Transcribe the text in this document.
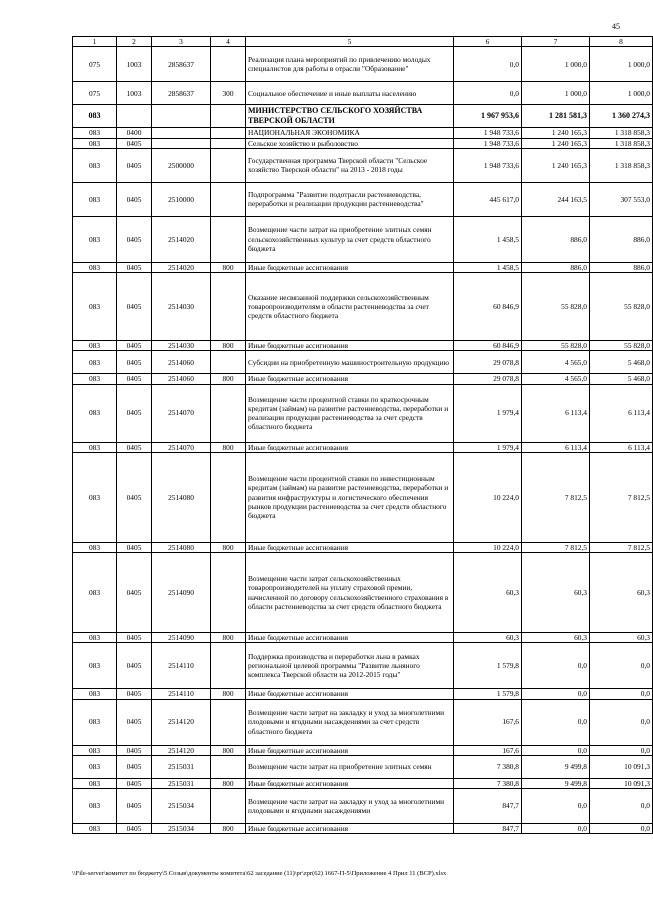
45
1	2	3	4	5	6	7	8
075	1003	2858637		Реализация плана мероприятий по привлечению молодых специалистов для работы в отрасли "Образование"	0,0	1 000,0	1 000,0
075	1003	2858637	300	Социальное обеспечение и иные выплаты населению	0,0	1 000,0	1 000,0
083				МИНИСТЕРСТВО СЕЛЬСКОГО ХОЗЯЙСТВА ТВЕРСКОЙ ОБЛАСТИ	1 967 953,6	1 281 581,3	1 360 274,3
083	0400			НАЦИОНАЛЬНАЯ ЭКОНОМИКА	1 948 733,6	1 240 165,3	1 318 858,3
083	0405			Сельское хозяйство и рыболовство	1 948 733,6	1 240 165,3	1 318 858,3
083	0405	2500000		Государственная программа Тверской области "Сельское хозяйство Тверской области" на 2013 - 2018 годы	1 948 733,6	1 240 165,3	1 318 858,3
083	0405	2510000		Подпрограмма "Развитие подотрасли растениеводства, переработки и реализации продукции растениеводства"	445 617,0	244 163,5	307 553,0
083	0405	2514020		Возмещение части затрат на приобретение элитных семян сельскохозяйственных культур за счет средств областного бюджета	1 458,5	886,0	886,0
083	0405	2514020	800	Иные бюджетные ассигнования	1 458,5	886,0	886,0
083	0405	2514030		Оказание несвязанной поддержки сельскохозяйственным товаропроизводителям в области растениеводства за счет средств областного бюджета	60 846,9	55 828,0	55 828,0
083	0405	2514030	800	Иные бюджетные ассигнования	60 846,9	55 828,0	55 828,0
083	0405	2514060		Субсидии на приобретенную машиностроительную продукцию	29 078,8	4 565,0	5 468,0
083	0405	2514060	800	Иные бюджетные ассигнования	29 078,8	4 565,0	5 468,0
083	0405	2514070		Возмещение части процентной ставки по краткосрочным кредитам (займам) на развитие растениеводства, переработки и реализации продукции растениеводства за счет средств областного бюджета	1 979,4	6 113,4	6 113,4
083	0405	2514070	800	Иные бюджетные ассигнования	1 979,4	6 113,4	6 113,4
083	0405	2514080		Возмещение части процентной ставки по инвестиционным кредитам (займам) на развитие растениеводства, переработки и развития инфраструктуры и логистического обеспечения рынков продукции растениеводства за счет средств областного бюджета	10 224,0	7 812,5	7 812,5
083	0405	2514080	800	Иные бюджетные ассигнования	10 224,0	7 812,5	7 812,5
083	0405	2514090		Возмещение части затрат сельскохозяйственных товаропроизводителей на уплату страховой премии, начисленной по договору сельскохозяйственного страхования в области растениеводства за счет средств областного бюджета	60,3	60,3	60,3
083	0405	2514090	800	Иные бюджетные ассигнования	60,3	60,3	60,3
083	0405	2514110		Поддержка производства и переработки льна в рамках региональной целевой программы "Развитие льняного комплекса Тверской области на 2012-2015 годы"	1 579,8	0,0	0,0
083	0405	2514110	800	Иные бюджетные ассигнования	1 579,8	0,0	0,0
083	0405	2514120		Возмещение части затрат на закладку и уход за многолетними плодовыми и ягодными насаждениями за счет средств областного бюджета	167,6	0,0	0,0
083	0405	2514120	800	Иные бюджетные ассигнования	167,6	0,0	0,0
083	0405	2515031		Возмещение части затрат на приобретение элитных семян	7 380,8	9 499,8	10 091,3
083	0405	2515031	800	Иные бюджетные ассигнования	7 380,8	9 499,8	10 091,3
083	0405	2515034		Возмещение части затрат на закладку и уход за многолетними плодовыми и ягодными насаждениями	847,7	0,0	0,0
083	0405	2515034	800	Иные бюджетные ассигнования	847,7	0,0	0,0
\\File-server\комитет по бюджету\5 Созыв\документы комитета\62 заседание (11)\pr\zpr(62) 1667-П-5\Приложение 4 Прил 11 (ВСР).xlsx
